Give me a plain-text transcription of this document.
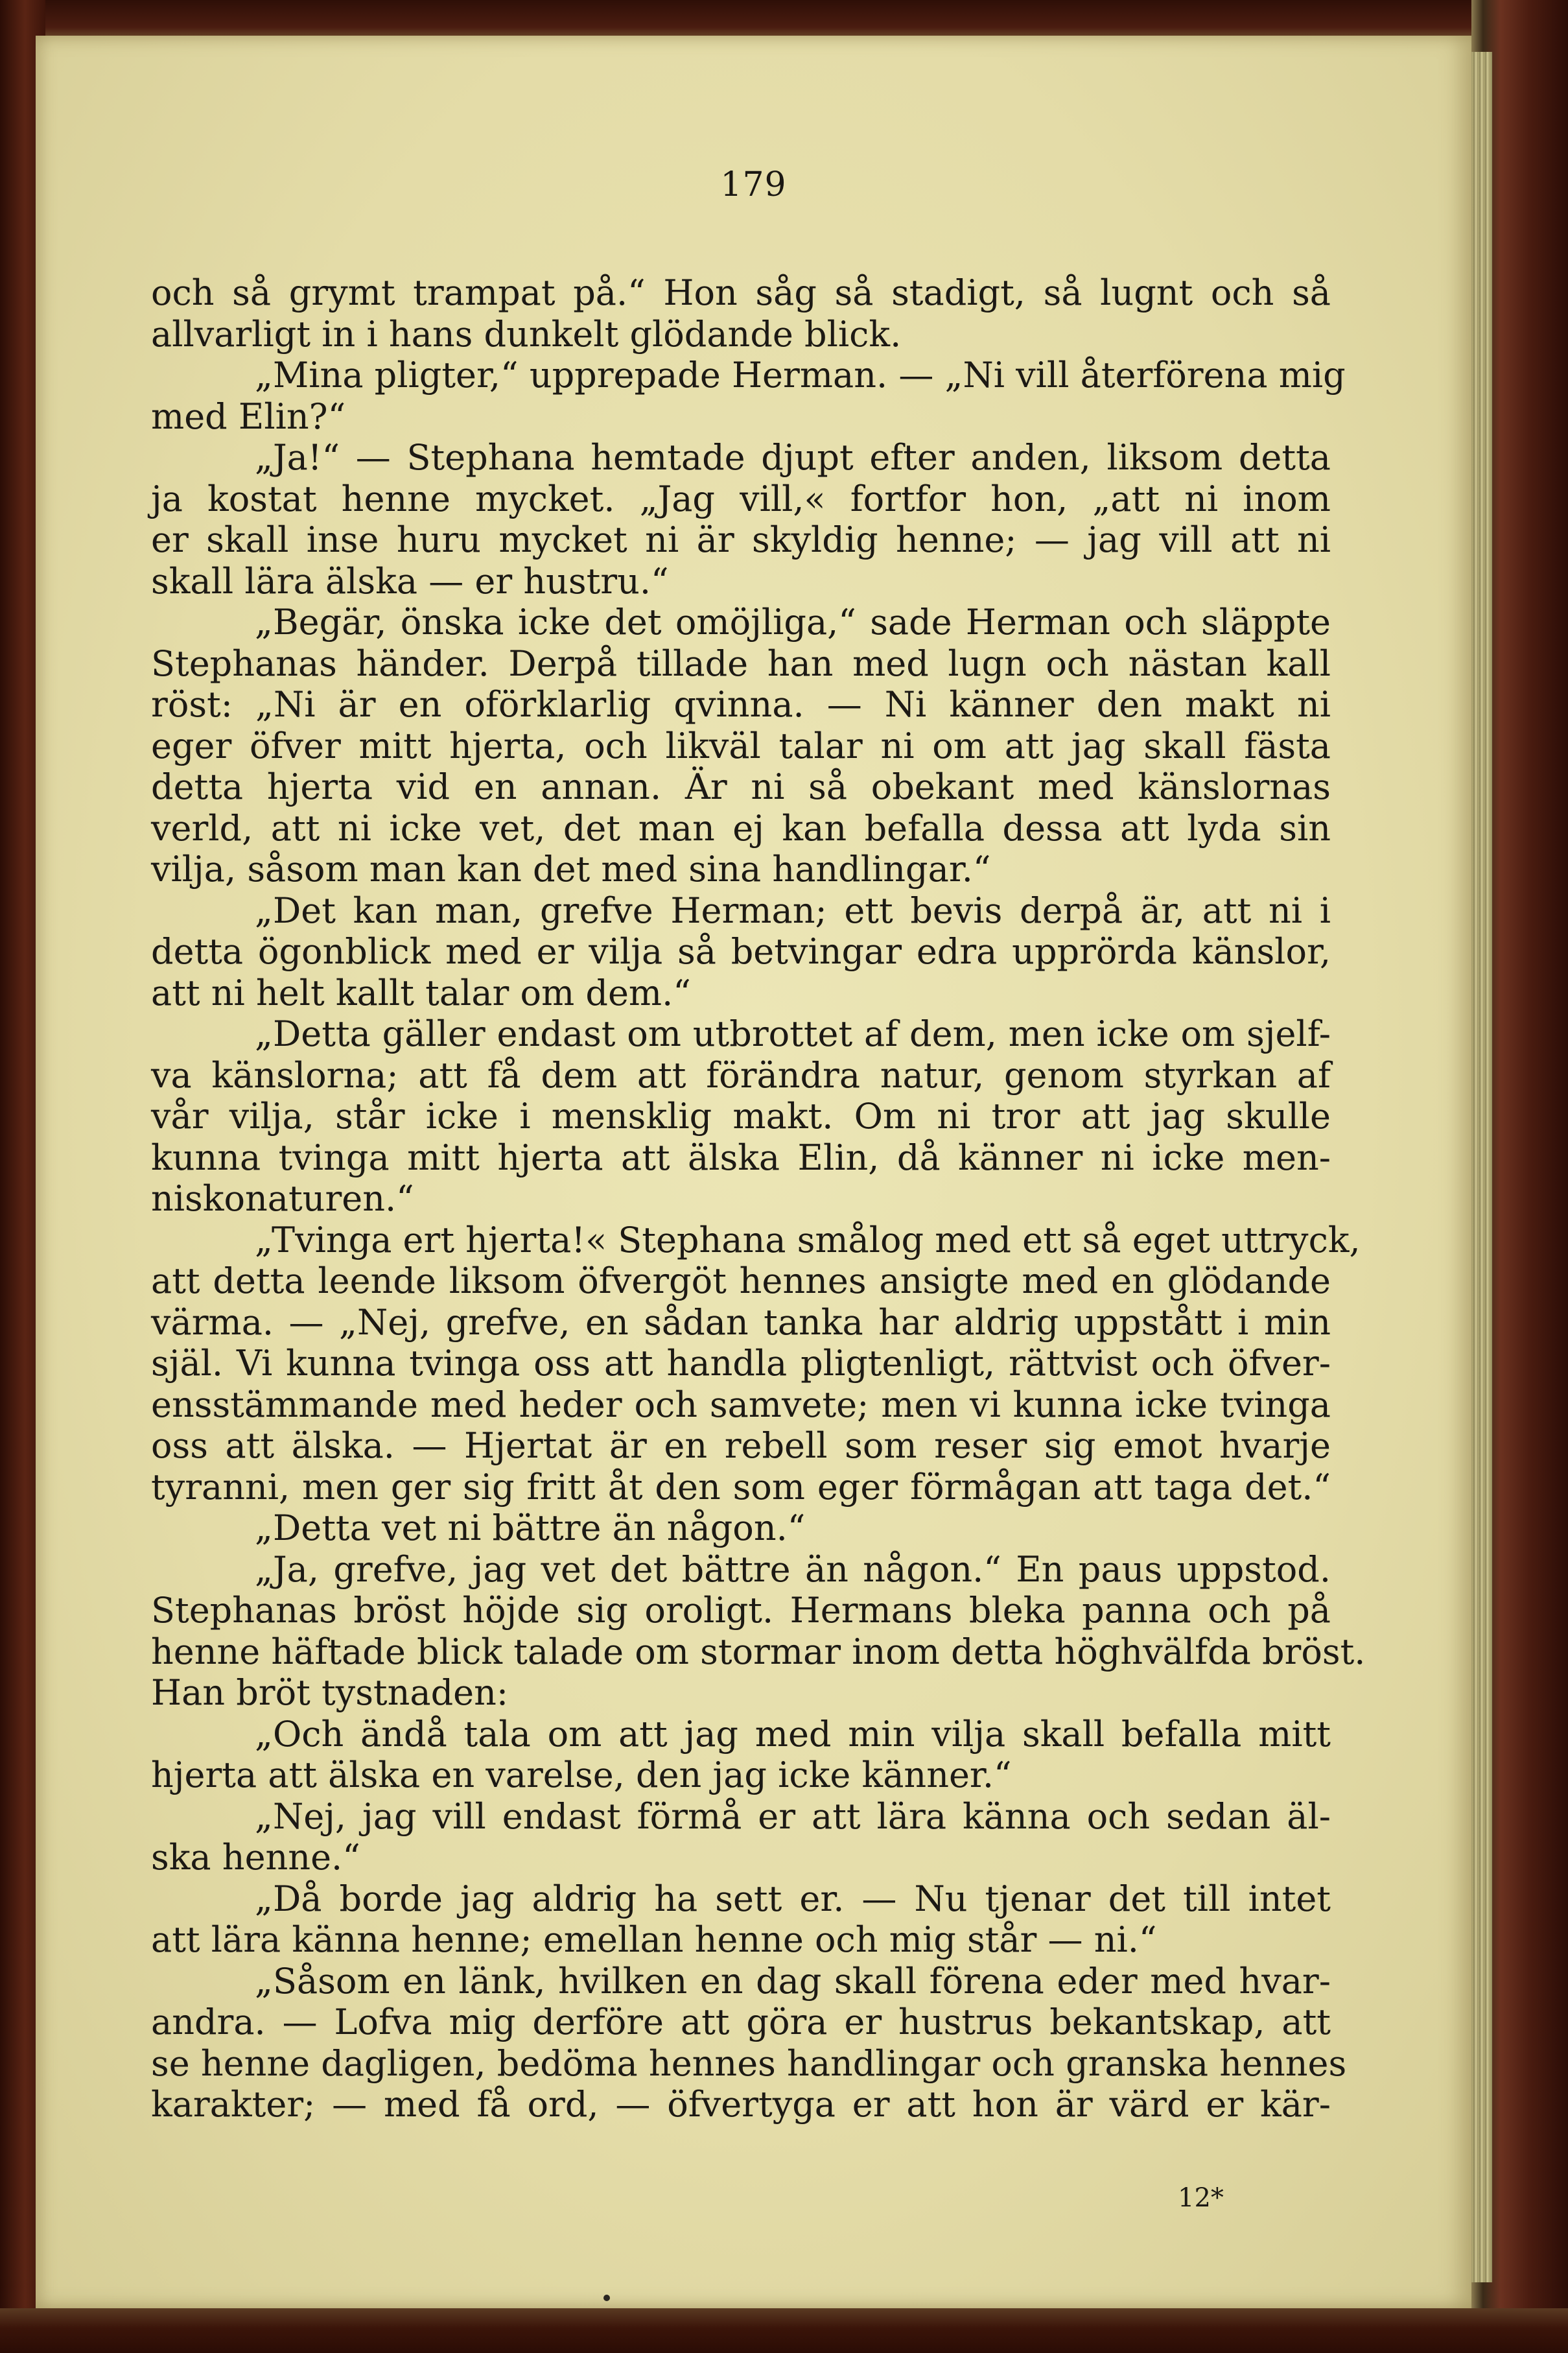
179
och så grymt trampat på.“ Hon såg så stadigt, så lugnt och så
allvarligt in i hans dunkelt glödande blick.
„Mina pligter,“ upprepade Herman. — „Ni vill återförena mig
med Elin?“
„Ja!“ — Stephana hemtade djupt efter anden, liksom detta
ja kostat henne mycket. „Jag vill,« fortfor hon, „att ni inom
er skall inse huru mycket ni är skyldig henne; — jag vill att ni
skall lära älska — er hustru.“
„Begär, önska icke det omöjliga,“ sade Herman och släppte
Stephanas händer. Derpå tillade han med lugn och nästan kall
röst: „Ni är en oförklarlig qvinna. — Ni känner den makt ni
eger öfver mitt hjerta, och likväl talar ni om att jag skall fästa
detta hjerta vid en annan. Är ni så obekant med känslornas
verld, att ni icke vet, det man ej kan befalla dessa att lyda sin
vilja, såsom man kan det med sina handlingar.“
„Det kan man, grefve Herman; ett bevis derpå är, att ni i
detta ögonblick med er vilja så betvingar edra upprörda känslor,
att ni helt kallt talar om dem.“
„Detta gäller endast om utbrottet af dem, men icke om sjelf-
va känslorna; att få dem att förändra natur, genom styrkan af
vår vilja, står icke i mensklig makt. Om ni tror att jag skulle
kunna tvinga mitt hjerta att älska Elin, då känner ni icke men-
niskonaturen.“
„Tvinga ert hjerta!« Stephana smålog med ett så eget uttryck,
att detta leende liksom öfvergöt hennes ansigte med en glödande
värma. — „Nej, grefve, en sådan tanka har aldrig uppstått i min
själ. Vi kunna tvinga oss att handla pligtenligt, rättvist och öfver-
ensstämmande med heder och samvete; men vi kunna icke tvinga
oss att älska. — Hjertat är en rebell som reser sig emot hvarje
tyranni, men ger sig fritt åt den som eger förmågan att taga det.“
„Detta vet ni bättre än någon.“
„Ja, grefve, jag vet det bättre än någon.“ En paus uppstod.
Stephanas bröst höjde sig oroligt. Hermans bleka panna och på
henne häftade blick talade om stormar inom detta höghvälfda bröst.
Han bröt tystnaden:
„Och ändå tala om att jag med min vilja skall befalla mitt
hjerta att älska en varelse, den jag icke känner.“
„Nej, jag vill endast förmå er att lära känna och sedan äl-
ska henne.“
„Då borde jag aldrig ha sett er. — Nu tjenar det till intet
att lära känna henne; emellan henne och mig står — ni.“
„Såsom en länk, hvilken en dag skall förena eder med hvar-
andra. — Lofva mig derföre att göra er hustrus bekantskap, att
se henne dagligen, bedöma hennes handlingar och granska hennes
karakter; — med få ord, — öfvertyga er att hon är värd er kär-
12*
